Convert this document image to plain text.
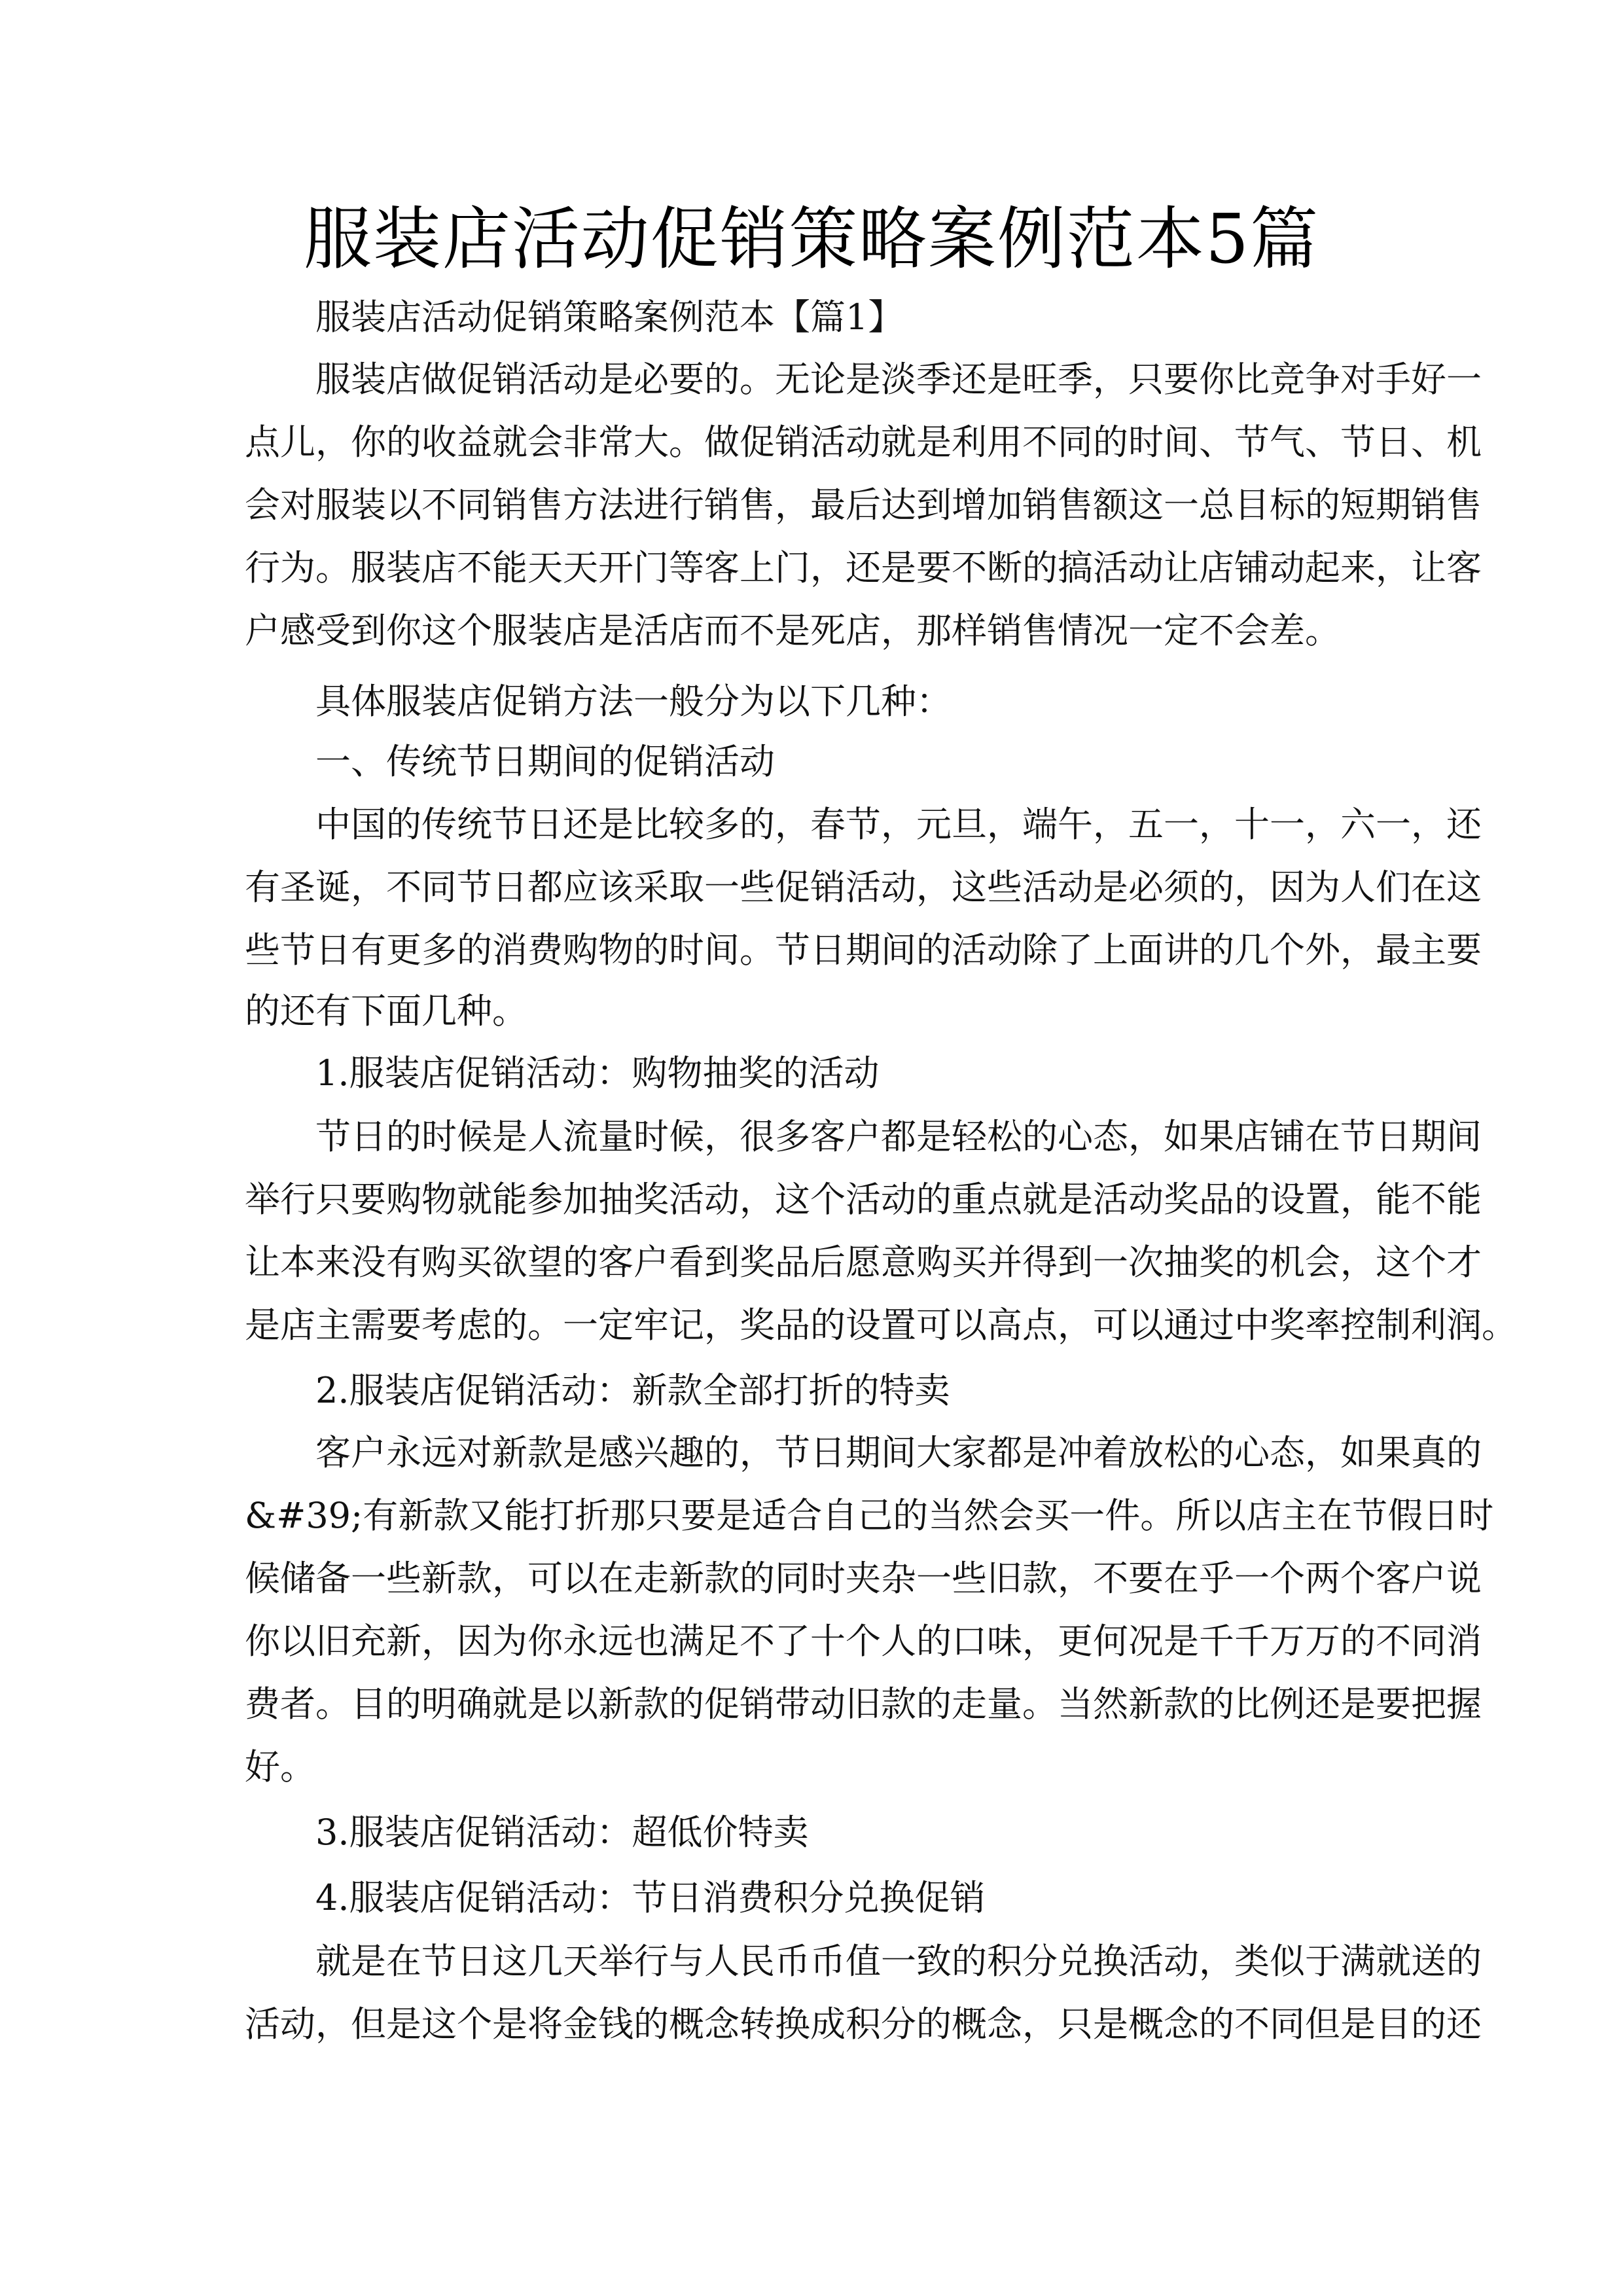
服装店活动促销策略案例范本5篇
服装店活动促销策略案例范本【篇1】
服装店做促销活动是必要的。无论是淡季还是旺季，只要你比竞争对手好一
点儿，你的收益就会非常大。做促销活动就是利用不同的时间、节气、节日、机
会对服装以不同销售方法进行销售，最后达到增加销售额这一总目标的短期销售
行为。服装店不能天天开门等客上门，还是要不断的搞活动让店铺动起来，让客
户感受到你这个服装店是活店而不是死店，那样销售情况一定不会差。
具体服装店促销方法一般分为以下几种：
一、传统节日期间的促销活动
中国的传统节日还是比较多的，春节，元旦，端午，五一，十一，六一，还
有圣诞，不同节日都应该采取一些促销活动，这些活动是必须的，因为人们在这
些节日有更多的消费购物的时间。节日期间的活动除了上面讲的几个外，最主要
的还有下面几种。
1.服装店促销活动：购物抽奖的活动
节日的时候是人流量时候，很多客户都是轻松的心态，如果店铺在节日期间
举行只要购物就能参加抽奖活动，这个活动的重点就是活动奖品的设置，能不能
让本来没有购买欲望的客户看到奖品后愿意购买并得到一次抽奖的机会，这个才
是店主需要考虑的。一定牢记，奖品的设置可以高点，可以通过中奖率控制利润。
2.服装店促销活动：新款全部打折的特卖
客户永远对新款是感兴趣的，节日期间大家都是冲着放松的心态，如果真的
&#39;有新款又能打折那只要是适合自己的当然会买一件。所以店主在节假日时
候储备一些新款，可以在走新款的同时夹杂一些旧款，不要在乎一个两个客户说
你以旧充新，因为你永远也满足不了十个人的口味，更何况是千千万万的不同消
费者。目的明确就是以新款的促销带动旧款的走量。当然新款的比例还是要把握
好。
3.服装店促销活动：超低价特卖
4.服装店促销活动：节日消费积分兑换促销
就是在节日这几天举行与人民币币值一致的积分兑换活动，类似于满就送的
活动，但是这个是将金钱的概念转换成积分的概念，只是概念的不同但是目的还
